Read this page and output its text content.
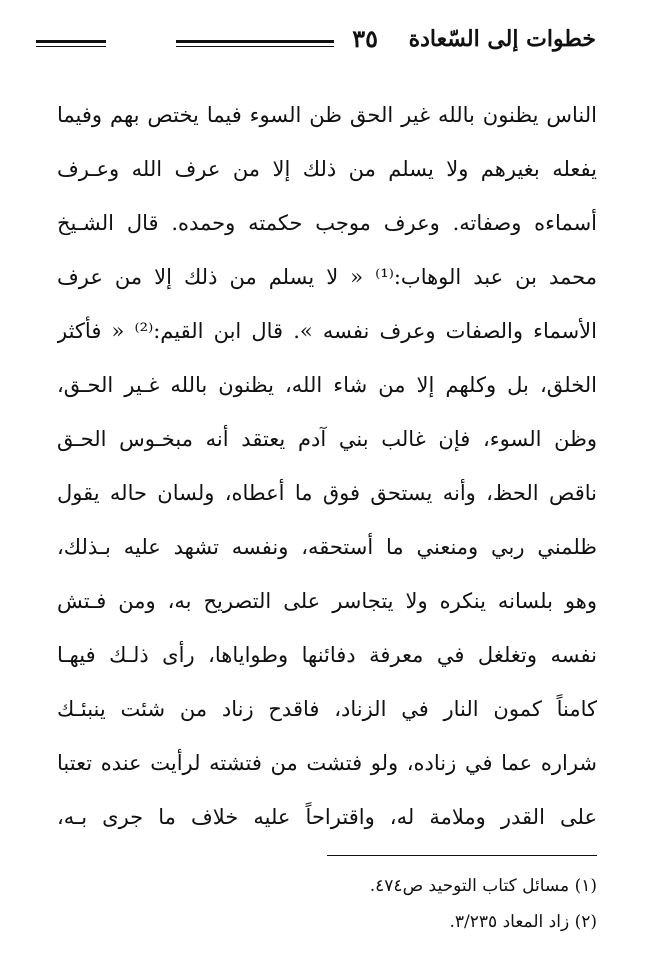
خطوات إلى السّعادة
٣٥
الناس يظنون بالله غير الحق ظن السوء فيما يختص بهم وفيما
يفعله بغيرهم ولا يسلم من ذلك إلا من عرف الله وعـرف
أسماءه وصفاته. وعرف موجب حكمته وحمده. قال الشـيخ
محمد بن عبد الوهاب:⁽¹⁾ « لا يسلم من ذلك إلا من عرف
الأسماء والصفات وعرف نفسه ». قال ابن القيم:⁽²⁾ « فأكثر
الخلق، بل وكلهم إلا من شاء الله، يظنون بالله غـير الحـق،
وظن السوء، فإن غالب بني آدم يعتقد أنه مبخـوس الحـق
ناقص الحظ، وأنه يستحق فوق ما أعطاه، ولسان حاله يقول
ظلمني ربي ومنعني ما أستحقه، ونفسه تشهد عليه بـذلك،
وهو بلسانه ينكره ولا يتجاسر على التصريح به، ومن فـتش
نفسه وتغلغل في معرفة دفائنها وطواياها، رأى ذلـك فيهـا
كامناً كمون النار في الزناد، فاقدح زناد من شئت ينبئـك
شراره عما في زناده، ولو فتشت من فتشته لرأيت عنده تعتبا
على القدر وملامة له، واقتراحاً عليه خلاف ما جرى بـه،
(١) مسائل كتاب التوحيد ص٤٧٤.
(٢) زاد المعاد ٣/٢٣٥.
